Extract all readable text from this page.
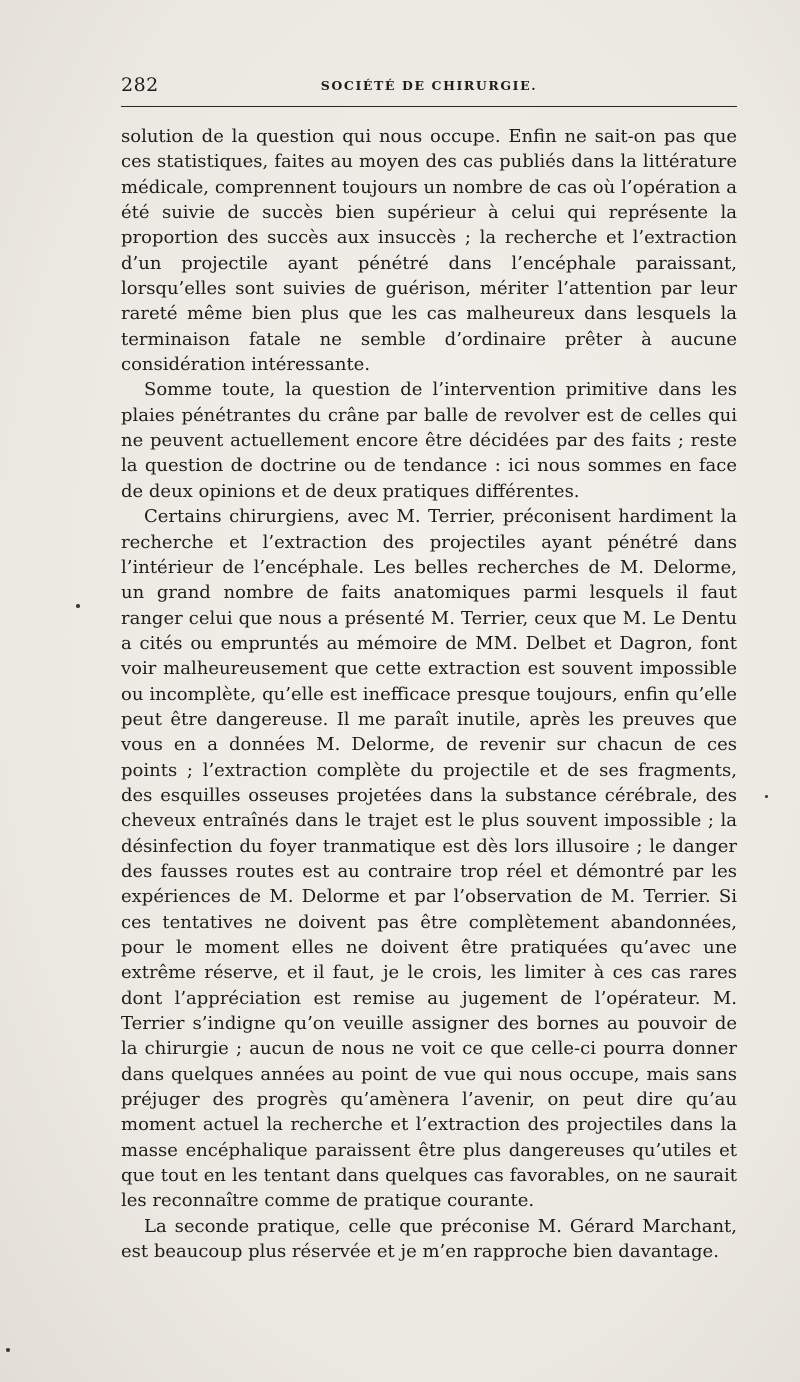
282	SOCIÉTÉ DE CHIRURGIE.

solution de la question qui nous occupe. Enfin ne sait-on pas que ces statistiques, faites au moyen des cas publiés dans la littérature médicale, comprennent toujours un nombre de cas où l’opération a été suivie de succès bien supérieur à celui qui représente la proportion des succès aux insuccès ; la recherche et l’extraction d’un projectile ayant pénétré dans l’encéphale paraissant, lorsqu’elles sont suivies de guérison, mériter l’attention par leur rareté même bien plus que les cas malheureux dans lesquels la terminaison fatale ne semble d’ordinaire prêter à aucune considération intéressante.

Somme toute, la question de l’intervention primitive dans les plaies pénétrantes du crâne par balle de revolver est de celles qui ne peuvent actuellement encore être décidées par des faits ; reste la question de doctrine ou de tendance : ici nous sommes en face de deux opinions et de deux pratiques différentes.

Certains chirurgiens, avec M. Terrier, préconisent hardiment la recherche et l’extraction des projectiles ayant pénétré dans l’intérieur de l’encéphale. Les belles recherches de M. Delorme, un grand nombre de faits anatomiques parmi lesquels il faut ranger celui que nous a présenté M. Terrier, ceux que M. Le Dentu a cités ou empruntés au mémoire de MM. Delbet et Dagron, font voir malheureusement que cette extraction est souvent impossible ou incomplète, qu’elle est inefficace presque toujours, enfin qu’elle peut être dangereuse. Il me paraît inutile, après les preuves que vous en a données M. Delorme, de revenir sur chacun de ces points ; l’extraction complète du projectile et de ses fragments, des esquilles osseuses projetées dans la substance cérébrale, des cheveux entraînés dans le trajet est le plus souvent impossible ; la désinfection du foyer tranmatique est dès lors illusoire ; le danger des fausses routes est au contraire trop réel et démontré par les expériences de M. Delorme et par l’observation de M. Terrier. Si ces tentatives ne doivent pas être complètement abandonnées, pour le moment elles ne doivent être pratiquées qu’avec une extrême réserve, et il faut, je le crois, les limiter à ces cas rares dont l’appréciation est remise au jugement de l’opérateur. M. Terrier s’indigne qu’on veuille assigner des bornes au pouvoir de la chirurgie ; aucun de nous ne voit ce que celle-ci pourra donner dans quelques années au point de vue qui nous occupe, mais sans préjuger des progrès qu’amènera l’avenir, on peut dire qu’au moment actuel la recherche et l’extraction des projectiles dans la masse encéphalique paraissent être plus dangereuses qu’utiles et que tout en les tentant dans quelques cas favorables, on ne saurait les reconnaître comme de pratique courante.

La seconde pratique, celle que préconise M. Gérard Marchant, est beaucoup plus réservée et je m’en rapproche bien davantage.
